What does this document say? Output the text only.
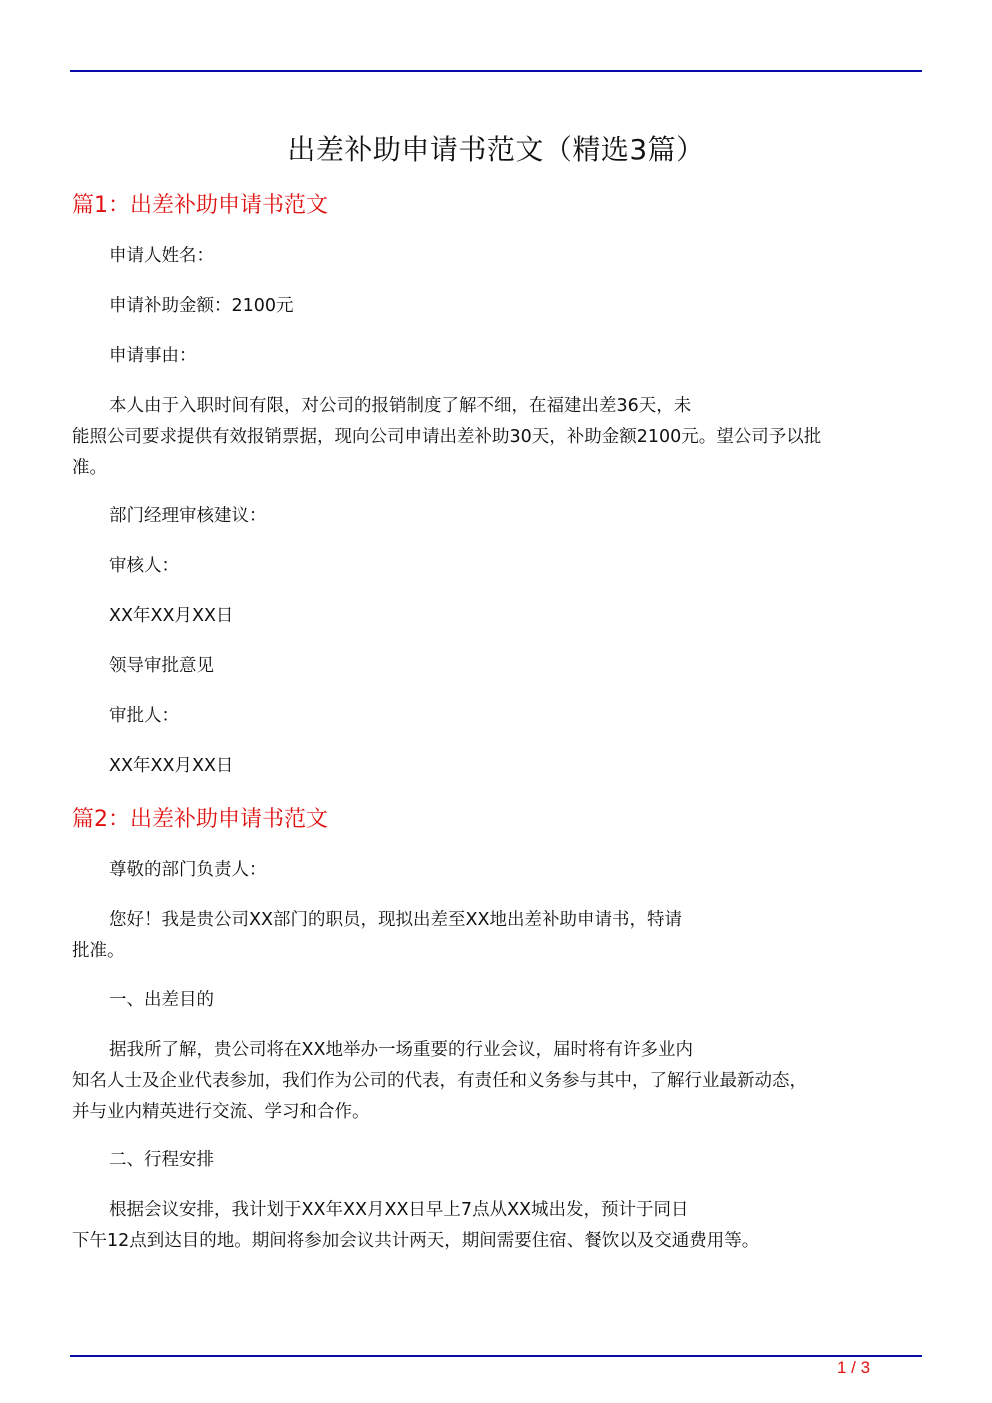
出差补助申请书范文（精选3篇）
篇1：出差补助申请书范文
申请人姓名：
申请补助金额：2100元
申请事由：
本人由于入职时间有限，对公司的报销制度了解不细，在福建出差36天，未
能照公司要求提供有效报销票据，现向公司申请出差补助30天，补助金额2100元。望公司予以批
准。
部门经理审核建议：
审核人：
XX年XX月XX日
领导审批意见
审批人：
XX年XX月XX日
篇2：出差补助申请书范文
尊敬的部门负责人：
您好！我是贵公司XX部门的职员，现拟出差至XX地出差补助申请书，特请
批准。
一、出差目的
据我所了解，贵公司将在XX地举办一场重要的行业会议，届时将有许多业内
知名人士及企业代表参加，我们作为公司的代表，有责任和义务参与其中，了解行业最新动态，
并与业内精英进行交流、学习和合作。
二、行程安排
根据会议安排，我计划于XX年XX月XX日早上7点从XX城出发，预计于同日
下午12点到达目的地。期间将参加会议共计两天，期间需要住宿、餐饮以及交通费用等。
1 / 3
